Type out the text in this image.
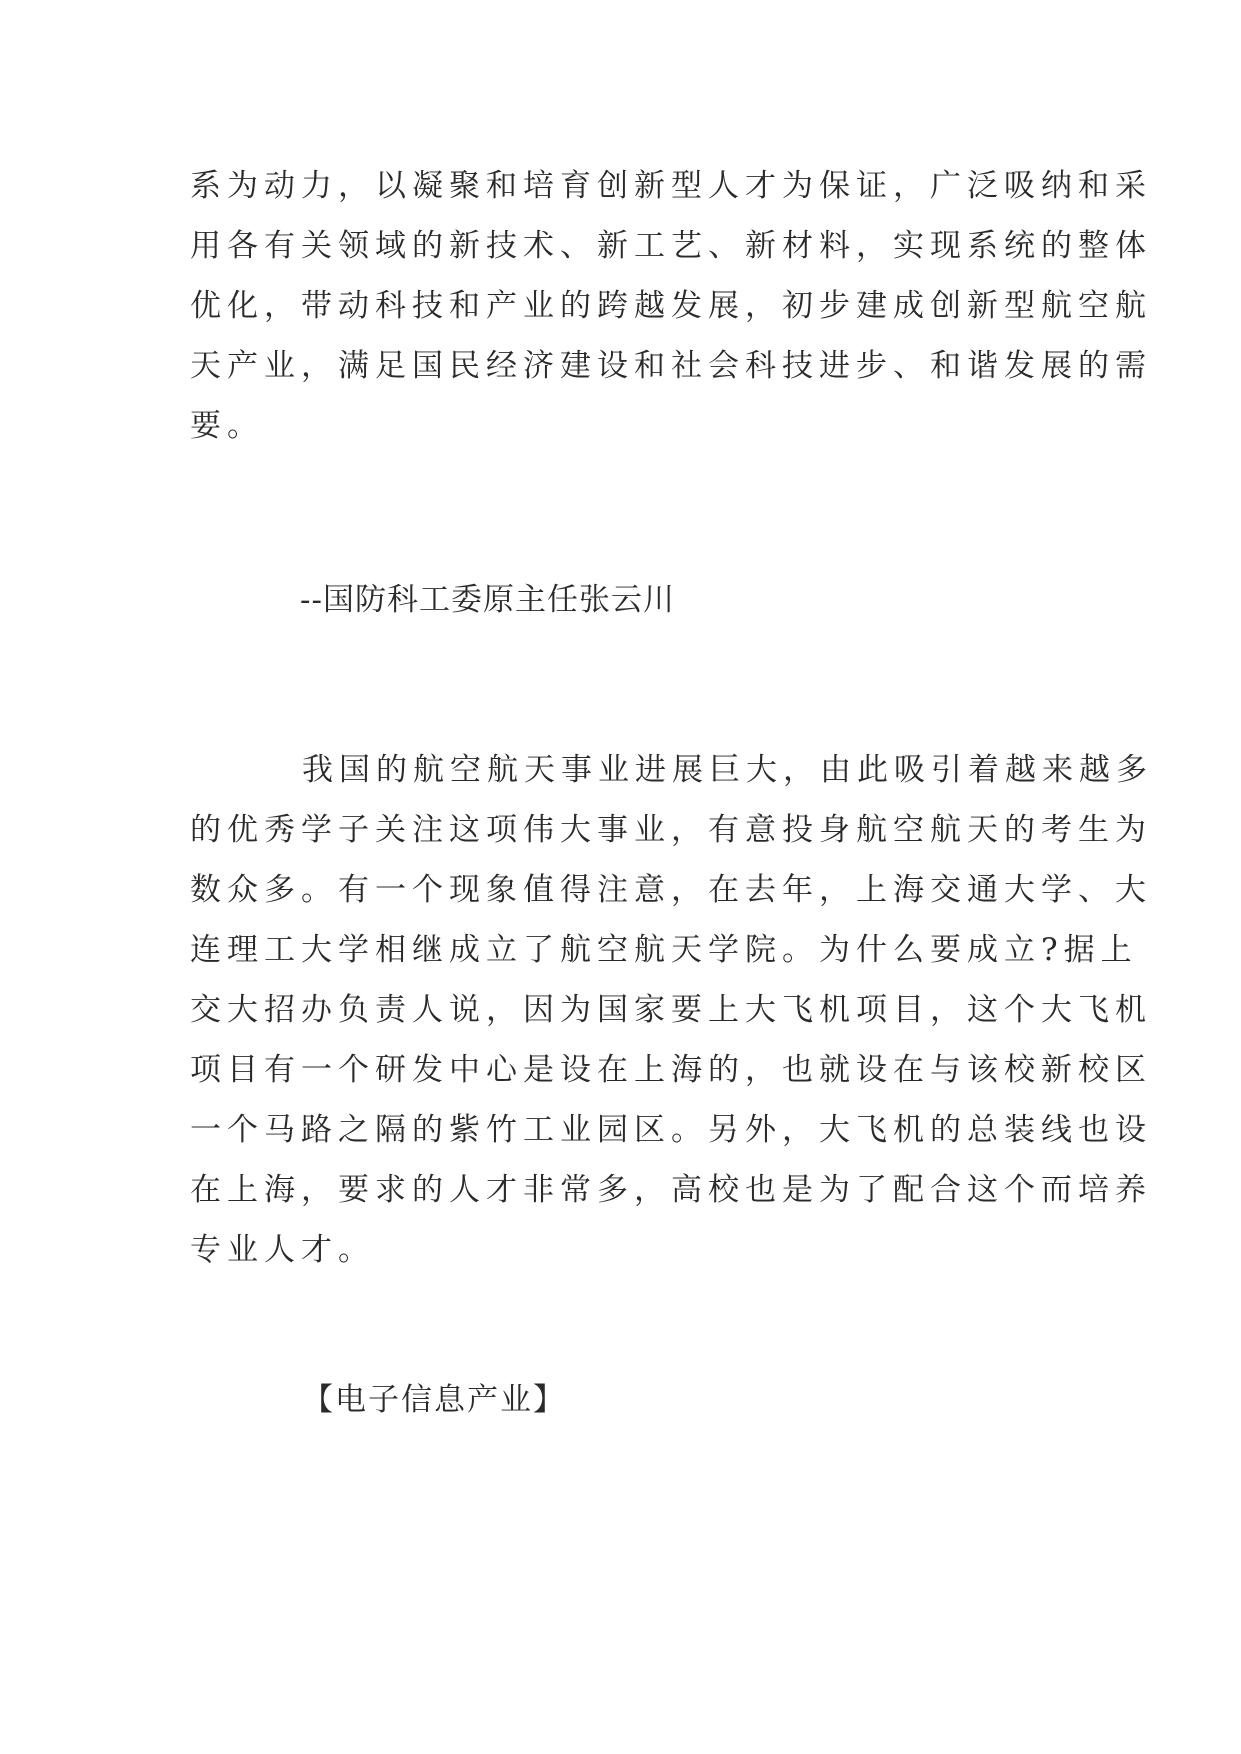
系为动力，以凝聚和培育创新型人才为保证，广泛吸纳和采
用各有关领域的新技术、新工艺、新材料，实现系统的整体
优化，带动科技和产业的跨越发展，初步建成创新型航空航
天产业，满足国民经济建设和社会科技进步、和谐发展的需
要。

--国防科工委原主任张云川

我国的航空航天事业进展巨大，由此吸引着越来越多
的优秀学子关注这项伟大事业，有意投身航空航天的考生为
数众多。有一个现象值得注意，在去年，上海交通大学、大
连理工大学相继成立了航空航天学院。为什么要成立?据上
交大招办负责人说，因为国家要上大飞机项目，这个大飞机
项目有一个研发中心是设在上海的，也就设在与该校新校区
一个马路之隔的紫竹工业园区。另外，大飞机的总装线也设
在上海，要求的人才非常多，高校也是为了配合这个而培养
专业人才。

【电子信息产业】
